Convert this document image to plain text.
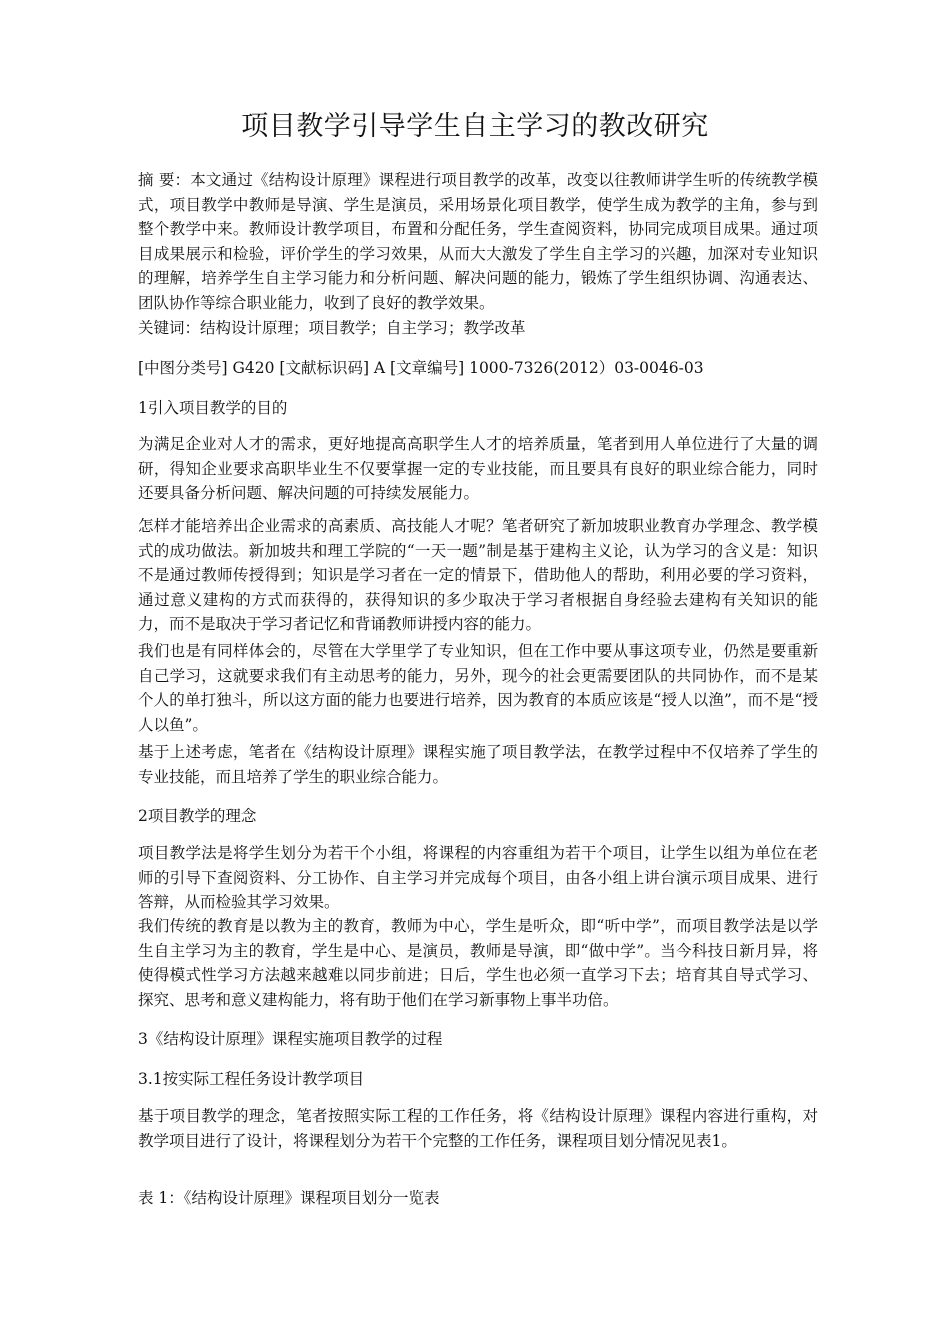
项目教学引导学生自主学习的教改研究
摘 要：本文通过《结构设计原理》课程进行项目教学的改革，改变以往教师讲学生听的传统教学模式，项目教学中教师是导演、学生是演员，采用场景化项目教学，使学生成为教学的主角，参与到整个教学中来。教师设计教学项目，布置和分配任务，学生查阅资料，协同完成项目成果。通过项目成果展示和检验，评价学生的学习效果，从而大大激发了学生自主学习的兴趣，加深对专业知识的理解，培养学生自主学习能力和分析问题、解决问题的能力，锻炼了学生组织协调、沟通表达、团队协作等综合职业能力，收到了良好的教学效果。
关键词：结构设计原理；项目教学；自主学习；教学改革
[中图分类号] G420 [文献标识码] A [文章编号] 1000-7326(2012）03-0046-03
1引入项目教学的目的
为满足企业对人才的需求，更好地提高高职学生人才的培养质量，笔者到用人单位进行了大量的调研，得知企业要求高职毕业生不仅要掌握一定的专业技能，而且要具有良好的职业综合能力，同时还要具备分析问题、解决问题的可持续发展能力。
怎样才能培养出企业需求的高素质、高技能人才呢？笔者研究了新加坡职业教育办学理念、教学模式的成功做法。新加坡共和理工学院的“一天一题”制是基于建构主义论，认为学习的含义是：知识不是通过教师传授得到；知识是学习者在一定的情景下，借助他人的帮助，利用必要的学习资料，通过意义建构的方式而获得的，获得知识的多少取决于学习者根据自身经验去建构有关知识的能力，而不是取决于学习者记忆和背诵教师讲授内容的能力。
我们也是有同样体会的，尽管在大学里学了专业知识，但在工作中要从事这项专业，仍然是要重新自己学习，这就要求我们有主动思考的能力，另外，现今的社会更需要团队的共同协作，而不是某个人的单打独斗，所以这方面的能力也要进行培养，因为教育的本质应该是“授人以渔”，而不是“授人以鱼”。
基于上述考虑，笔者在《结构设计原理》课程实施了项目教学法，在教学过程中不仅培养了学生的专业技能，而且培养了学生的职业综合能力。
2项目教学的理念
项目教学法是将学生划分为若干个小组，将课程的内容重组为若干个项目，让学生以组为单位在老师的引导下查阅资料、分工协作、自主学习并完成每个项目，由各小组上讲台演示项目成果、进行答辩，从而检验其学习效果。
我们传统的教育是以教为主的教育，教师为中心，学生是听众，即“听中学”，而项目教学法是以学生自主学习为主的教育，学生是中心、是演员，教师是导演，即“做中学”。当今科技日新月异，将使得模式性学习方法越来越难以同步前进；日后，学生也必须一直学习下去；培育其自导式学习、探究、思考和意义建构能力，将有助于他们在学习新事物上事半功倍。
3《结构设计原理》课程实施项目教学的过程
3.1按实际工程任务设计教学项目
基于项目教学的理念，笔者按照实际工程的工作任务，将《结构设计原理》课程内容进行重构，对教学项目进行了设计，将课程划分为若干个完整的工作任务，课程项目划分情况见表1。
表 1：《结构设计原理》课程项目划分一览表
